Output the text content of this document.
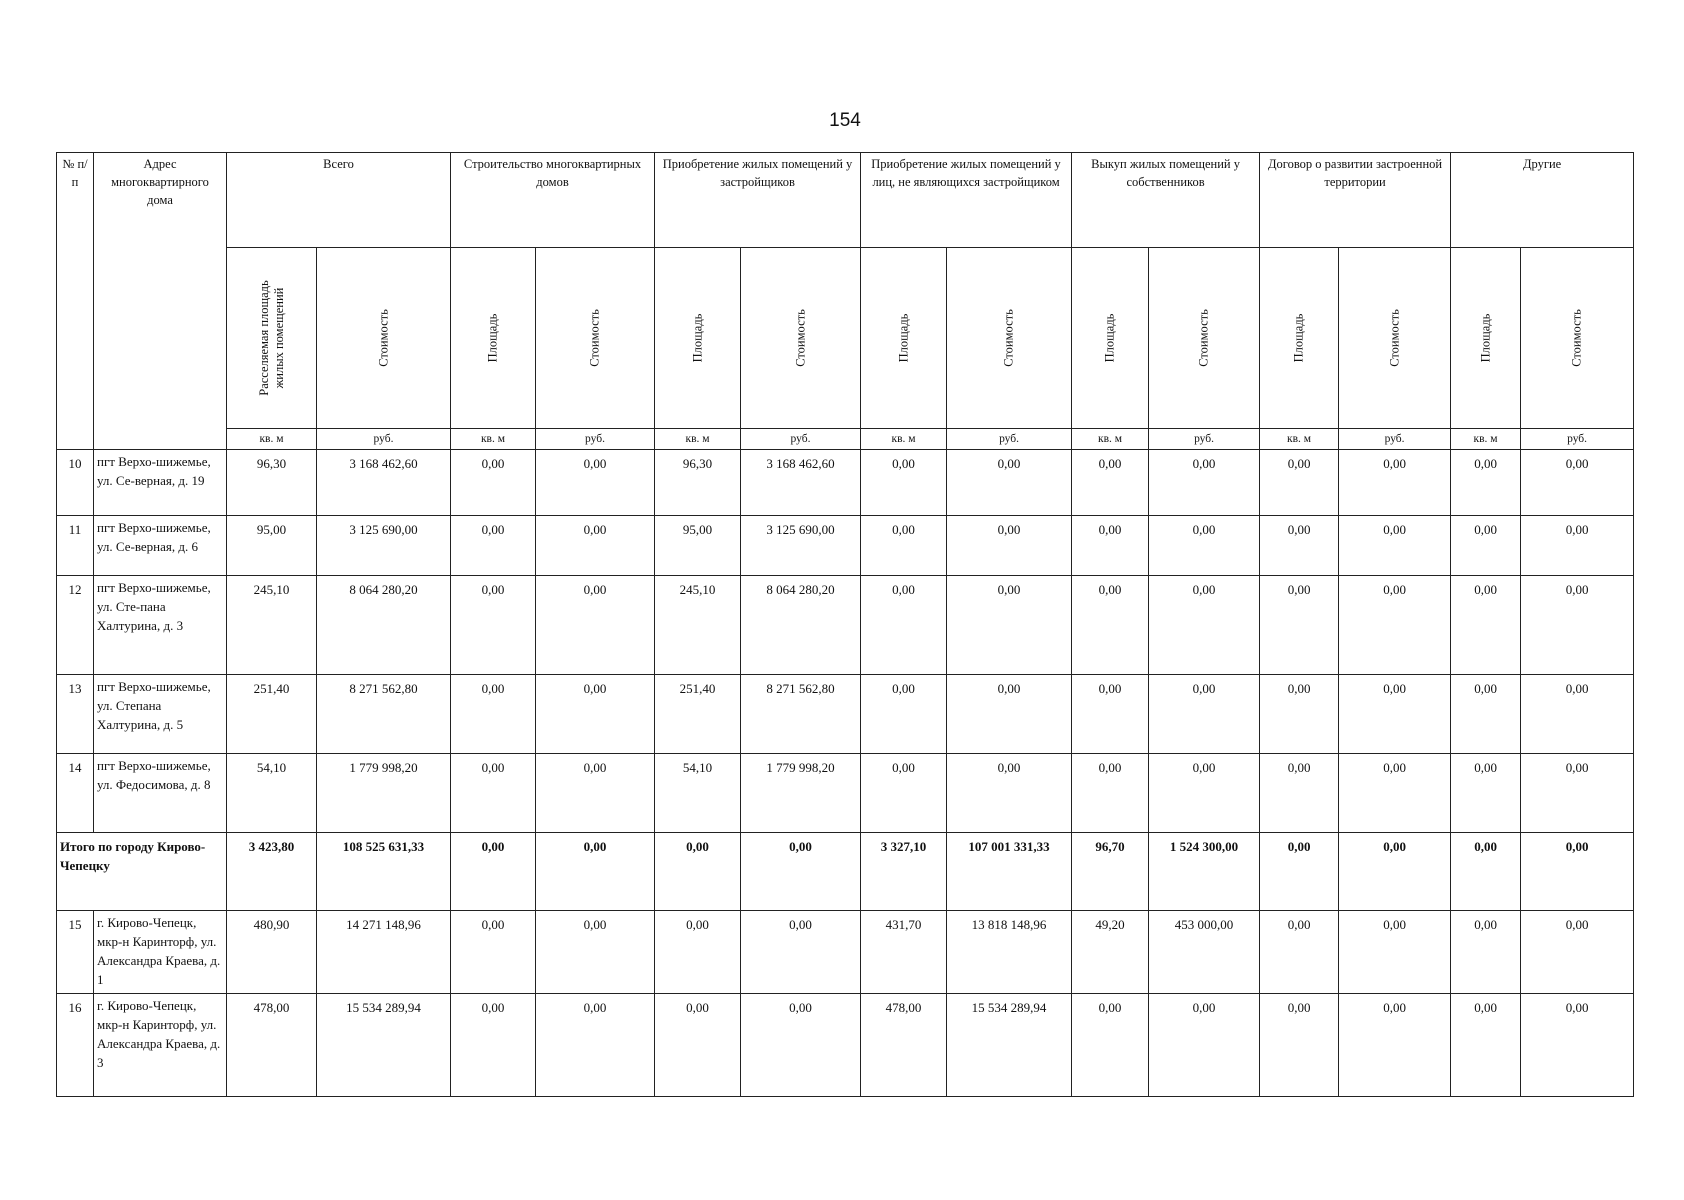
154
№ п/п	Адрес многоквартирного дома	Всего		Строительство многоквартирных домов		Приобретение жилых помещений у застройщиков		Приобретение жилых помещений у лиц, не являющихся застройщиком		Выкуп жилых помещений у собственников		Договор о развитии застроенной территории		Другие	

		Расселяемая площадь жилых помещений	Стоимость	Площадь	Стоимость	Площадь	Стоимость	Площадь	Стоимость	Площадь	Стоимость	Площадь	Стоимость	Площадь	Стоимость

		кв. м	руб.	кв. м	руб.	кв. м	руб.	кв. м	руб.	кв. м	руб.	кв. м	руб.	кв. м	руб.
10	пгт Верхо-шижемье, ул. Се-верная, д. 19	96,30	3 168 462,60	0,00	0,00	96,30	3 168 462,60	0,00	0,00	0,00	0,00	0,00	0,00	0,00	0,00
11	пгт Верхо-шижемье, ул. Се-верная, д. 6	95,00	3 125 690,00	0,00	0,00	95,00	3 125 690,00	0,00	0,00	0,00	0,00	0,00	0,00	0,00	0,00
12	пгт Верхо-шижемье, ул. Сте-пана Халтурина, д. 3	245,10	8 064 280,20	0,00	0,00	245,10	8 064 280,20	0,00	0,00	0,00	0,00	0,00	0,00	0,00	0,00
13	пгт Верхо-шижемье, ул. Степана Халтурина, д. 5	251,40	8 271 562,80	0,00	0,00	251,40	8 271 562,80	0,00	0,00	0,00	0,00	0,00	0,00	0,00	0,00
14	пгт Верхо-шижемье, ул. Федосимова, д. 8	54,10	1 779 998,20	0,00	0,00	54,10	1 779 998,20	0,00	0,00	0,00	0,00	0,00	0,00	0,00	0,00
Итого по городу Кирово-Чепецку		3 423,80	108 525 631,33	0,00	0,00	0,00	0,00	3 327,10	107 001 331,33	96,70	1 524 300,00	0,00	0,00	0,00	0,00
15	г. Кирово-Чепецк, мкр-н Каринторф, ул. Александра Краева, д. 1	480,90	14 271 148,96	0,00	0,00	0,00	0,00	431,70	13 818 148,96	49,20	453 000,00	0,00	0,00	0,00	0,00
16	г. Кирово-Чепецк, мкр-н Каринторф, ул. Александра Краева, д. 3	478,00	15 534 289,94	0,00	0,00	0,00	0,00	478,00	15 534 289,94	0,00	0,00	0,00	0,00	0,00	0,00
